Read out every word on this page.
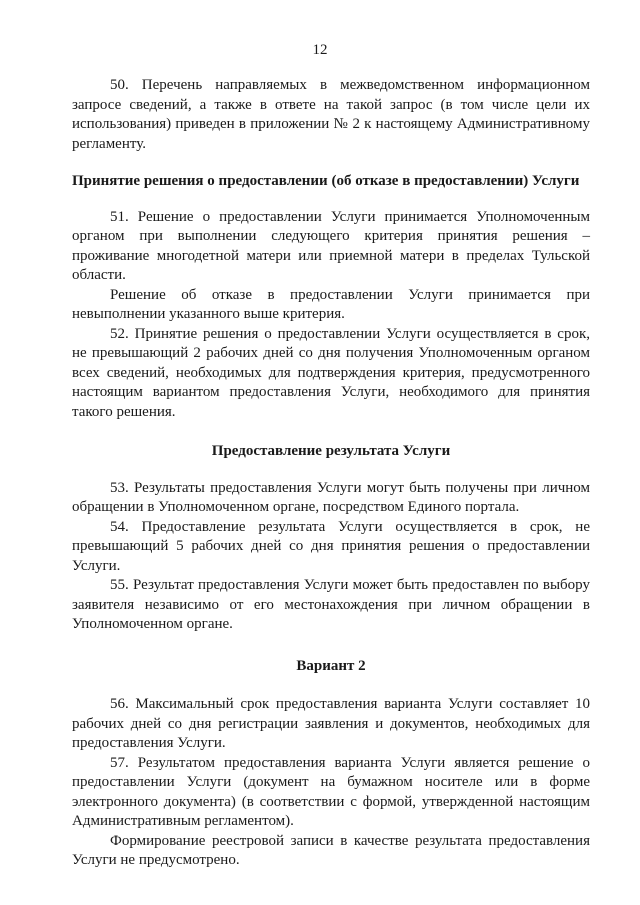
12

50. Перечень направляемых в межведомственном информационном запросе сведений, а также в ответе на такой запрос (в том числе цели их использования) приведен в приложении № 2 к настоящему Административному регламенту.

Принятие решения о предоставлении (об отказе в предоставлении) Услуги

51. Решение о предоставлении Услуги принимается Уполномоченным органом при выполнении следующего критерия принятия решения – проживание многодетной матери или приемной матери в пределах Тульской области.

Решение об отказе в предоставлении Услуги принимается при невыполнении указанного выше критерия.

52. Принятие решения о предоставлении Услуги осуществляется в срок, не превышающий 2 рабочих дней со дня получения Уполномоченным органом всех сведений, необходимых для подтверждения критерия, предусмотренного настоящим вариантом предоставления Услуги, необходимого для принятия такого решения.

Предоставление результата Услуги

53. Результаты предоставления Услуги могут быть получены при личном обращении в Уполномоченном органе, посредством Единого портала.

54. Предоставление результата Услуги осуществляется в срок, не превышающий 5 рабочих дней со дня принятия решения о предоставлении Услуги.

55. Результат предоставления Услуги может быть предоставлен по выбору заявителя независимо от его местонахождения при личном обращении в Уполномоченном органе.

Вариант 2

56. Максимальный срок предоставления варианта Услуги составляет 10 рабочих дней со дня регистрации заявления и документов, необходимых для предоставления Услуги.

57. Результатом предоставления варианта Услуги является решение о предоставлении Услуги (документ на бумажном носителе или в форме электронного документа) (в соответствии с формой, утвержденной настоящим Административным регламентом).

Формирование реестровой записи в качестве результата предоставления Услуги не предусмотрено.
